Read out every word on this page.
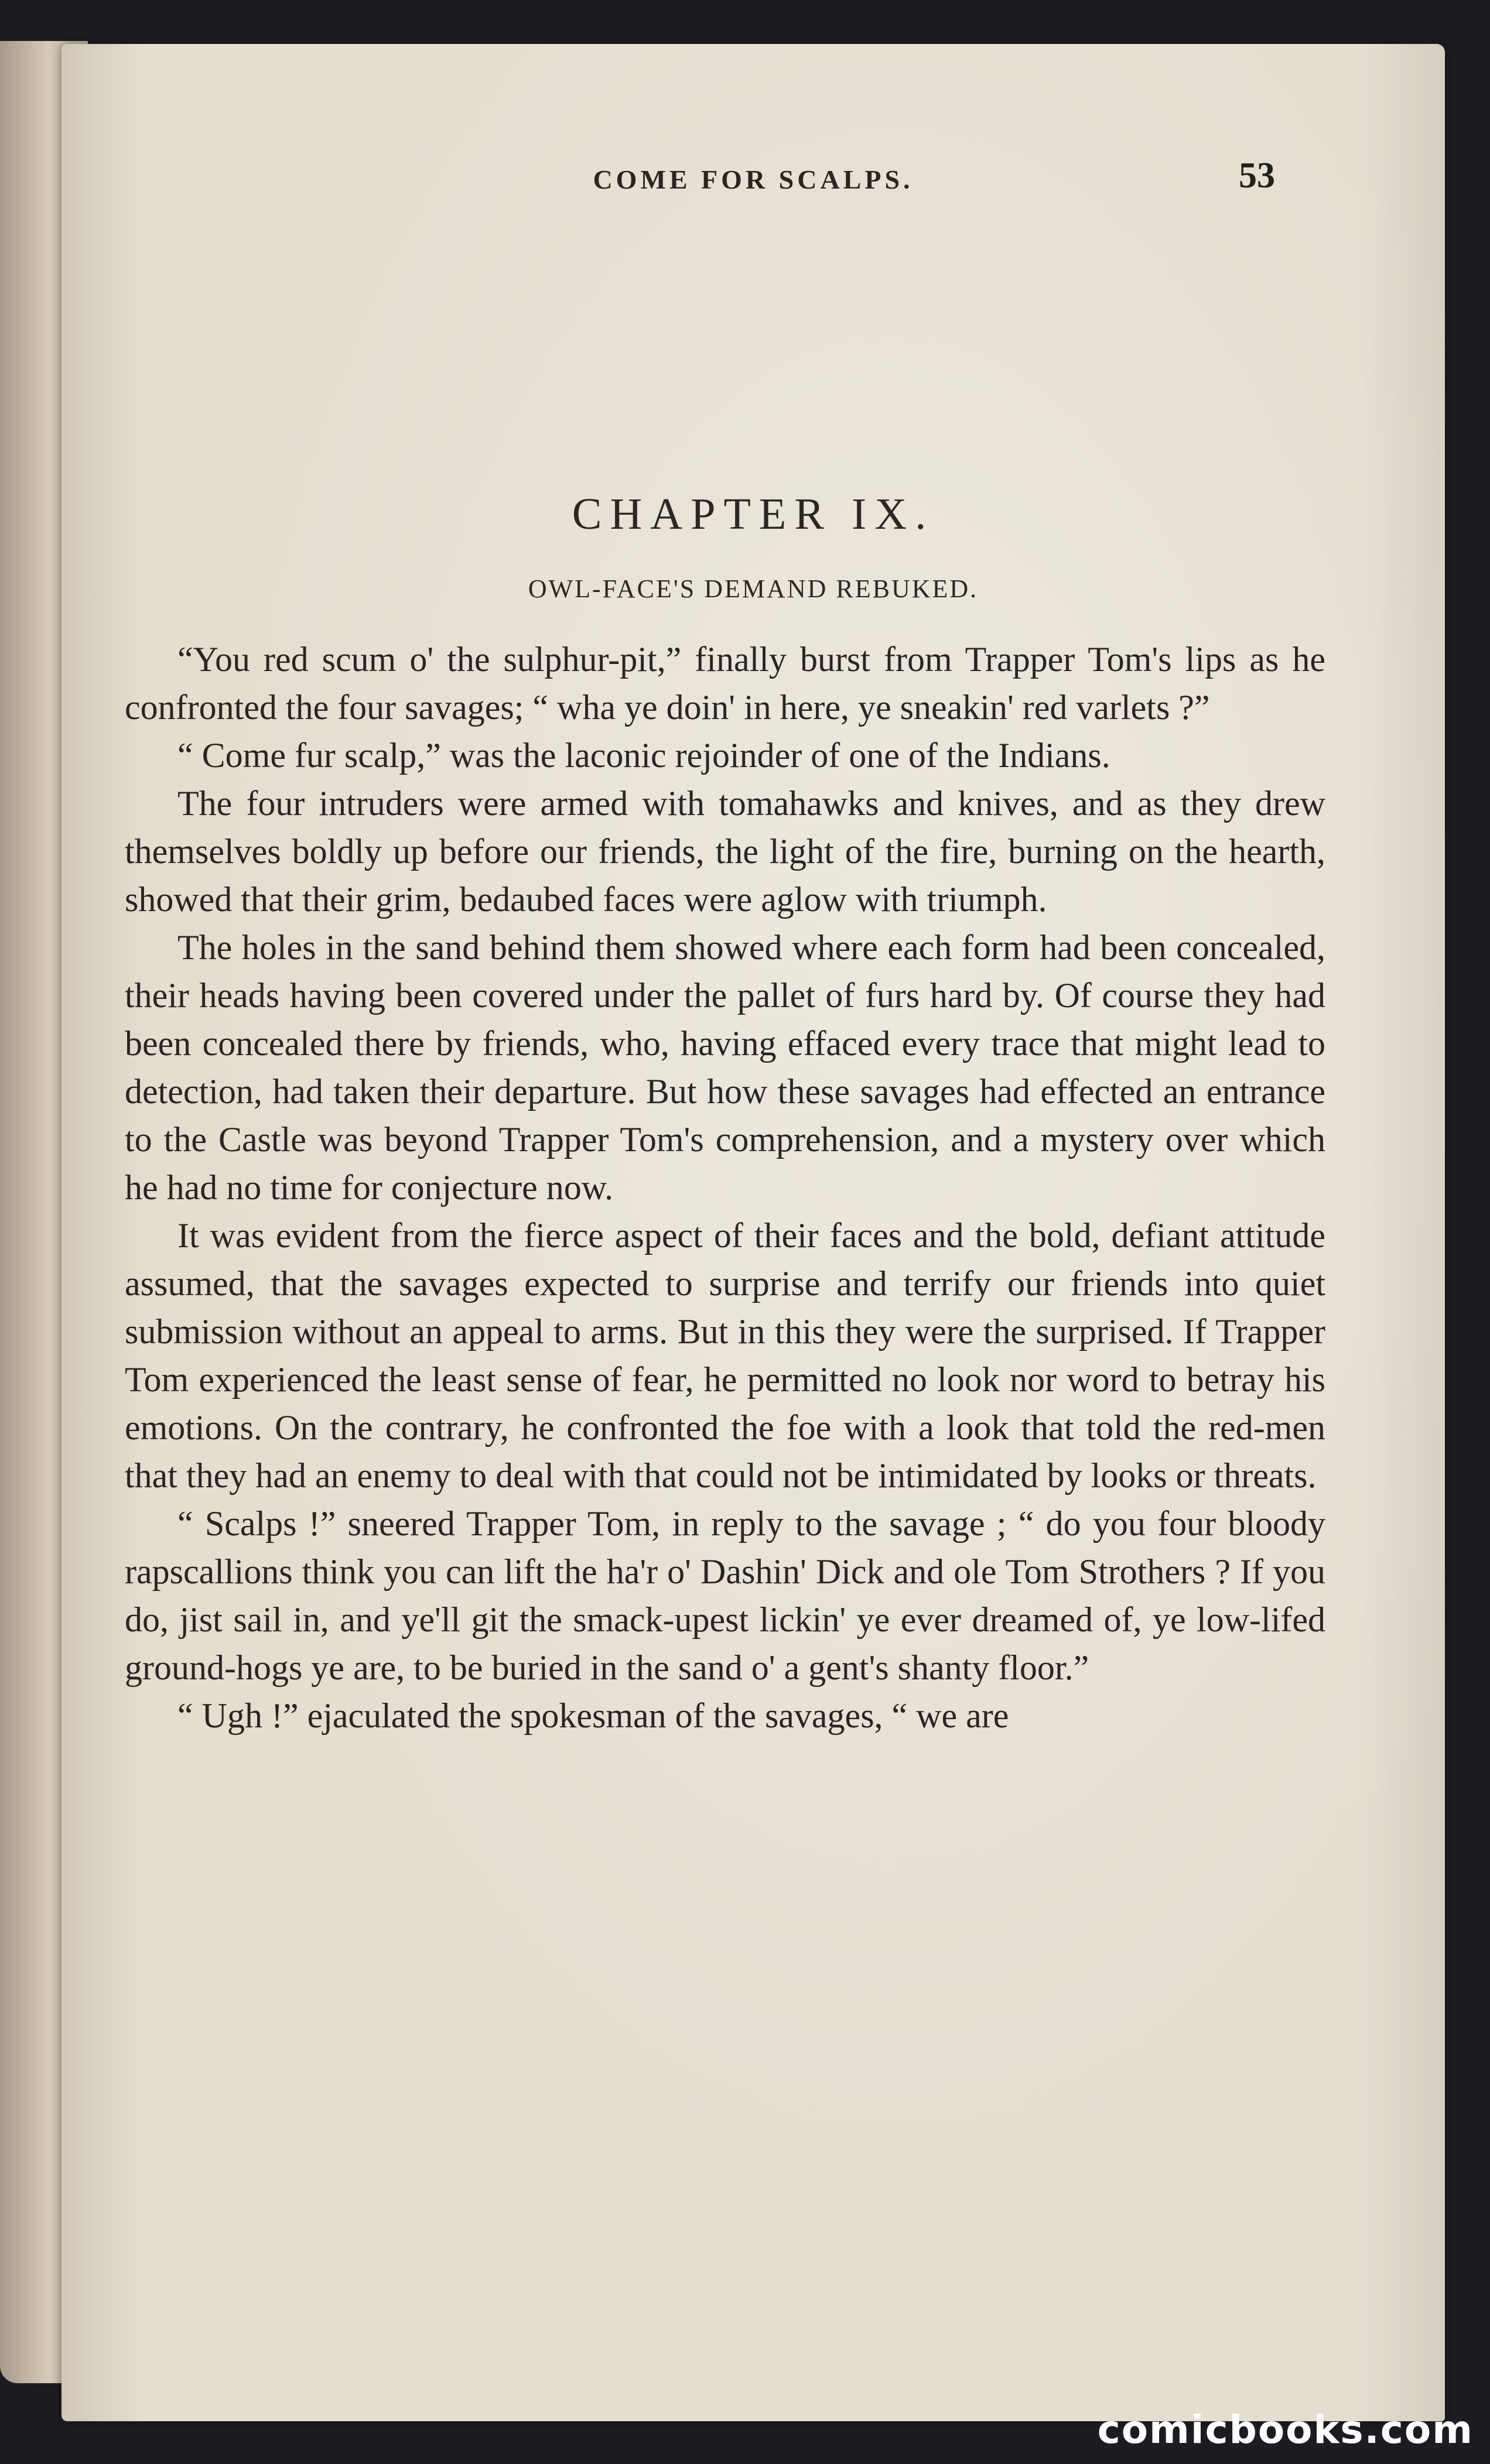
COME FOR SCALPS.	53
CHAPTER IX.
OWL-FACE'S DEMAND REBUKED.

“You red scum o' the sulphur-pit,” finally burst from Trapper Tom's lips as he confronted the four savages; “ wha ye doin' in here, ye sneakin' red varlets ?”

“ Come fur scalp,” was the laconic rejoinder of one of the Indians.

The four intruders were armed with tomahawks and knives, and as they drew themselves boldly up before our friends, the light of the fire, burning on the hearth, showed that their grim, bedaubed faces were aglow with triumph.

The holes in the sand behind them showed where each form had been concealed, their heads having been covered under the pallet of furs hard by. Of course they had been concealed there by friends, who, having effaced every trace that might lead to detection, had taken their departure. But how these savages had effected an entrance to the Castle was beyond Trapper Tom's comprehension, and a mystery over which he had no time for conjecture now.

It was evident from the fierce aspect of their faces and the bold, defiant attitude assumed, that the savages expected to surprise and terrify our friends into quiet submission without an appeal to arms. But in this they were the surprised. If Trapper Tom experienced the least sense of fear, he permitted no look nor word to betray his emotions. On the contrary, he confronted the foe with a look that told the red-men that they had an enemy to deal with that could not be intimidated by looks or threats.

“ Scalps !” sneered Trapper Tom, in reply to the savage ; “ do you four bloody rapscallions think you can lift the ha'r o' Dashin' Dick and ole Tom Strothers ? If you do, jist sail in, and ye'll git the smack-upest lickin' ye ever dreamed of, ye low-lifed ground-hogs ye are, to be buried in the sand o' a gent's shanty floor.”

“ Ugh !” ejaculated the spokesman of the savages, “ we are

comicbooks.com
